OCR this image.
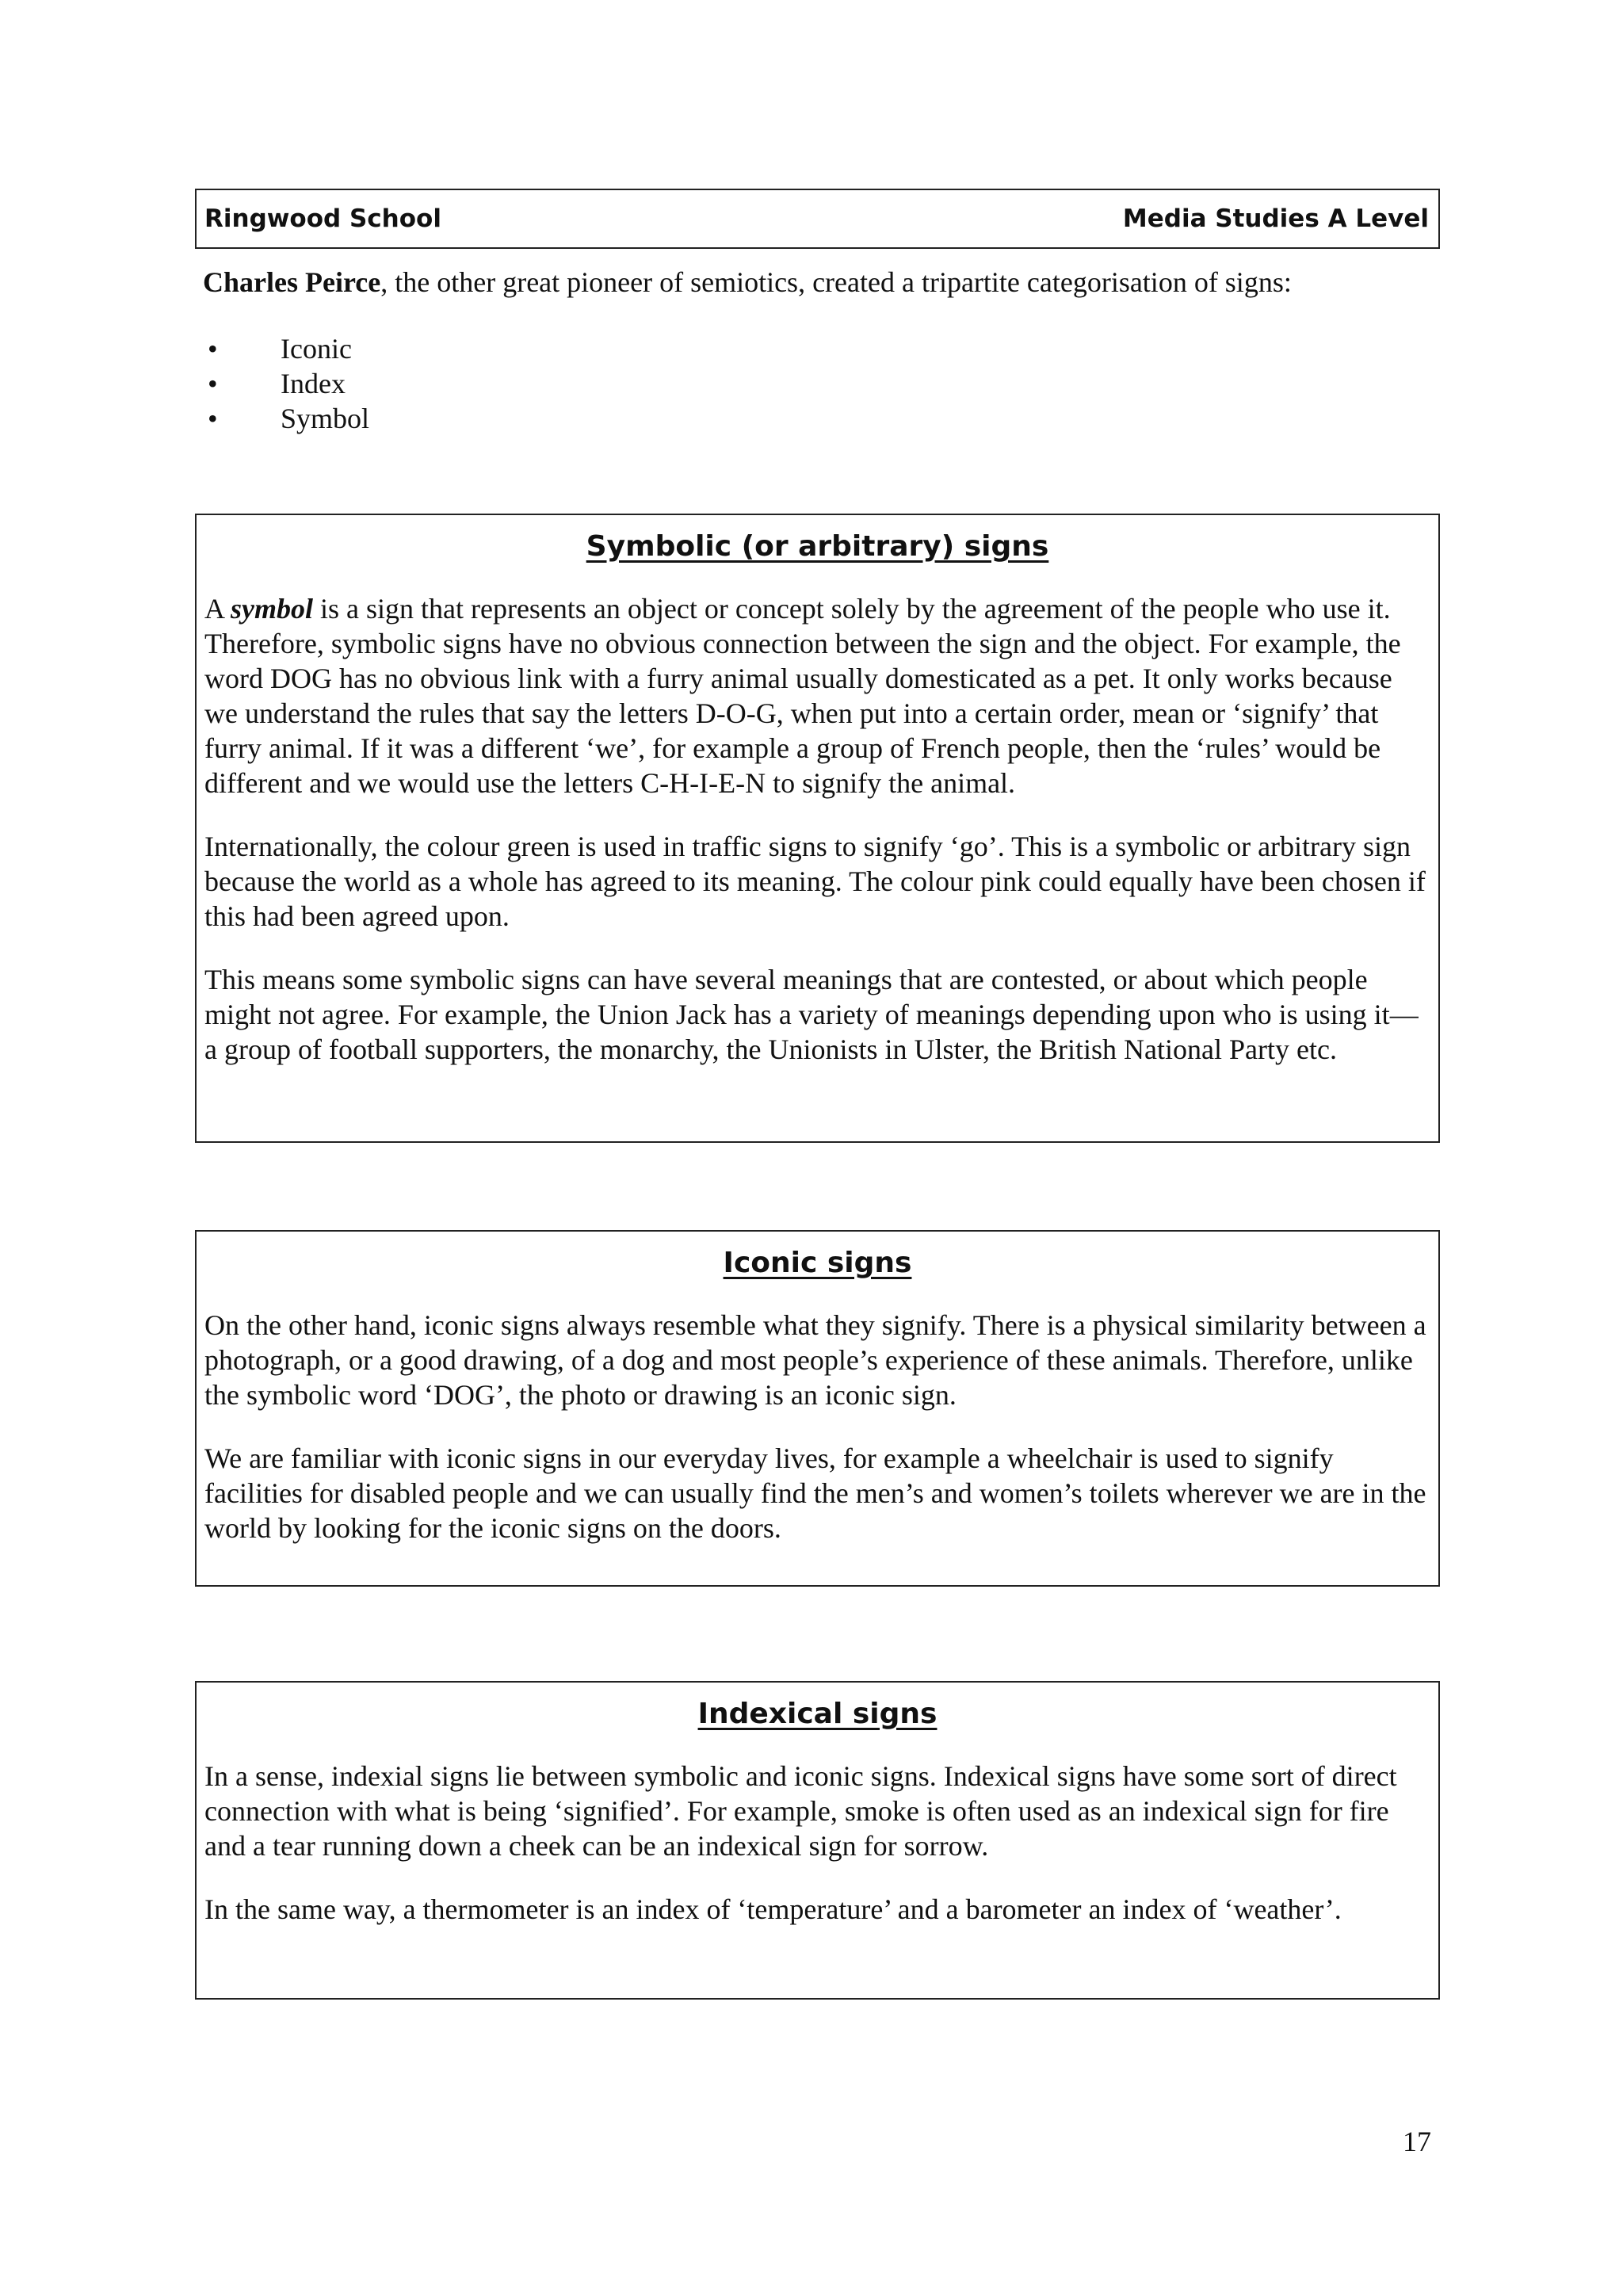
Ringwood School	Media Studies A Level

Charles Peirce, the other great pioneer of semiotics, created a tripartite categorisation of signs:

•	Iconic
•	Index
•	Symbol
Symbolic (or arbitrary) signs

A symbol is a sign that represents an object or concept solely by the agreement of the people who use it. Therefore, symbolic signs have no obvious connection between the sign and the object. For example, the word DOG has no obvious link with a furry animal usually domesticated as a pet. It only works because we understand the rules that say the letters D-O-G, when put into a certain order, mean or ‘signify’ that furry animal. If it was a different ‘we’, for example a group of French people, then the ‘rules’ would be different and we would use the letters C-H-I-E-N to signify the animal.

Internationally, the colour green is used in traffic signs to signify ‘go’. This is a symbolic or arbitrary sign because the world as a whole has agreed to its meaning. The colour pink could equally have been chosen if this had been agreed upon.

This means some symbolic signs can have several meanings that are contested, or about which people might not agree. For example, the Union Jack has a variety of meanings depending upon who is using it—a group of football supporters, the monarchy, the Unionists in Ulster, the British National Party etc.

Iconic signs

On the other hand, iconic signs always resemble what they signify. There is a physical similarity between a photograph, or a good drawing, of a dog and most people’s experience of these animals. Therefore, unlike the symbolic word ‘DOG’, the photo or drawing is an iconic sign.

We are familiar with iconic signs in our everyday lives, for example a wheelchair is used to signify facilities for disabled people and we can usually find the men’s and women’s toilets wherever we are in the world by looking for the iconic signs on the doors.

Indexical signs

In a sense, indexial signs lie between symbolic and iconic signs. Indexical signs have some sort of direct connection with what is being ‘signified’. For example, smoke is often used as an indexical sign for fire and a tear running down a cheek can be an indexical sign for sorrow.

In the same way, a thermometer is an index of ‘temperature’ and a barometer an index of ‘weather’.

17
